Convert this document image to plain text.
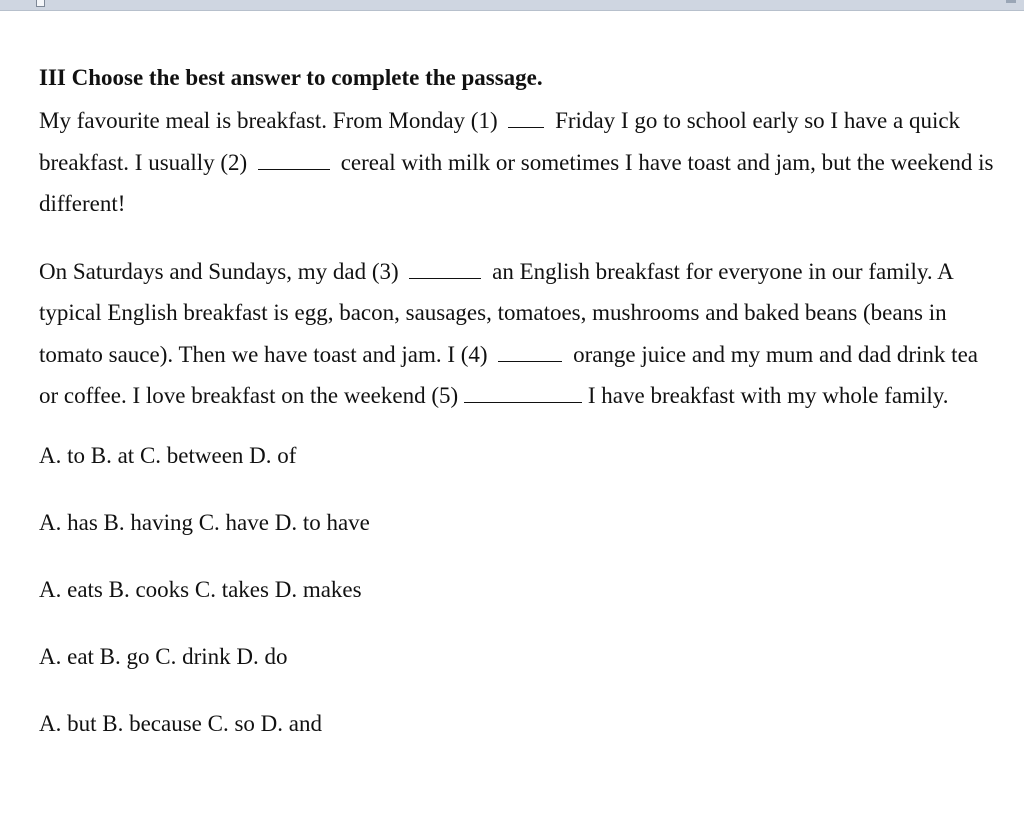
III Choose the best answer to complete the passage.

My favourite meal is breakfast. From Monday (1)	Friday I go to school early so I have a quick breakfast. I usually (2)	cereal with milk or sometimes I have toast and jam, but the weekend is different!

On Saturdays and Sundays, my dad (3)	an English breakfast for everyone in our family. A typical English breakfast is egg, bacon, sausages, tomatoes, mushrooms and baked beans (beans in tomato sauce). Then we have toast and jam. I (4)	orange juice and my mum and dad drink tea or coffee. I love breakfast on the weekend (5)	I have breakfast with my whole family.

A. to B. at C. between D. of

A. has B. having C. have D. to have

A. eats B. cooks C. takes D. makes

A. eat B. go C. drink D. do

A. but B. because C. so D. and
